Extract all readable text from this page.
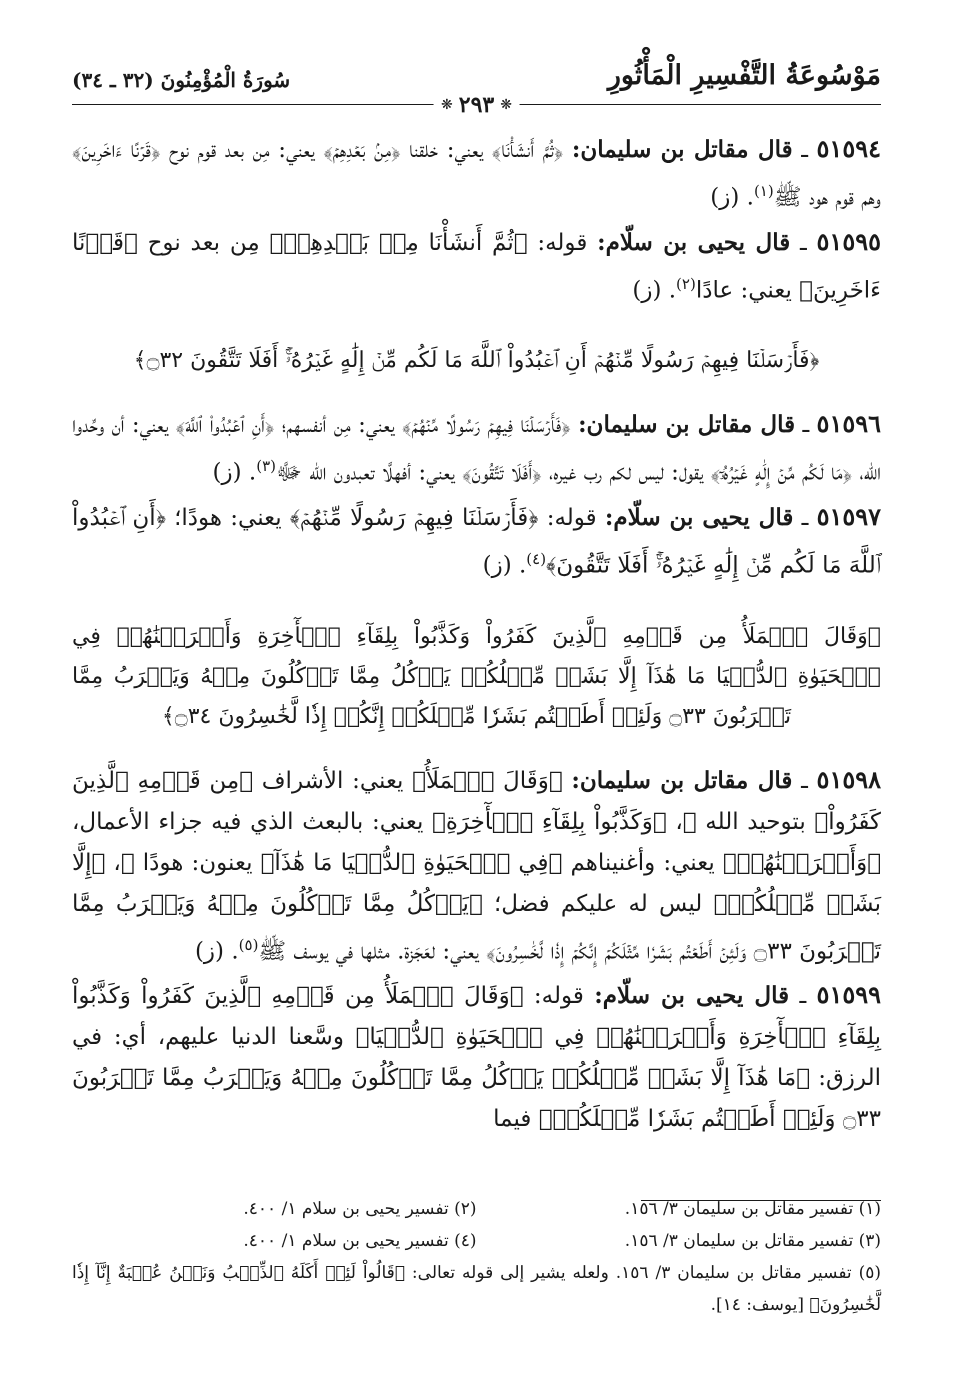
مَوْسُوعَةُ التَّفْسِيرِ الْمَأْثُورِ
سُورَةُ الْمُؤْمِنُونَ (٣٢ ـ ٣٤)
❋ ٢٩٣ ❋

٥١٥٩٤ ـ قال مقاتل بن سليمان: ﴿ثُمَّ أَنشَأْنَا﴾ يعني: خلقنا ﴿مِنۢ بَعۡدِهِمۡ﴾ يعني: مِن بعد قوم نوح ﴿قَرۡنًا ءَاخَرِينَ﴾ وهم قوم هود ﷺ$^{(١)}$. (ز)

٥١٥٩٥ ـ قال يحيى بن سلّام: قوله: ﴿ثُمَّ أَنشَأْنَا مِنۢ بَعۡدِهِمۡ﴾ مِن بعد نوح ﴿قَرۡنًا ءَاخَرِينَ﴾ يعني: عادًا$^{(٢)}$. (ز)

﴿فَأَرۡسَلۡنَا فِيهِمۡ رَسُولًا مِّنۡهُمۡ أَنِ ٱعۡبُدُواْ ٱللَّهَ مَا لَكُم مِّنۡ إِلَٰهٍ غَيۡرُهُۥٓۚ أَفَلَا تَتَّقُونَ ۝٣٢﴾

٥١٥٩٦ ـ قال مقاتل بن سليمان: ﴿فَأَرۡسَلۡنَا فِيهِمۡ رَسُولًا مِّنۡهُمۡ﴾ يعني: مِن أنفسهم؛ ﴿أَنِ ٱعۡبُدُواْ ٱللَّهَ﴾ يعني: أن وحِّدوا الله، ﴿مَا لَكُم مِّنۡ إِلَٰهٍ غَيۡرُهُۥٓ﴾ يقول: ليس لكم رب غيره، ﴿أَفَلَا تَتَّقُونَ﴾ يعني: أفهلَّا تعبدون الله ﷻ$^{(٣)}$. (ز)

٥١٥٩٧ ـ قال يحيى بن سلّام: قوله: ﴿فَأَرۡسَلۡنَا فِيهِمۡ رَسُولًا مِّنۡهُمۡ﴾ يعني: هودًا؛ ﴿أَنِ ٱعۡبُدُواْ ٱللَّهَ مَا لَكُم مِّنۡ إِلَٰهٍ غَيۡرُهُۥٓۚ أَفَلَا تَتَّقُونَ﴾$^{(٤)}$. (ز)

﴿وَقَالَ ٱلۡمَلَأُ مِن قَوۡمِهِ ٱلَّذِينَ كَفَرُواْ وَكَذَّبُواْ بِلِقَآءِ ٱلۡأٓخِرَةِ وَأَتۡرَفۡنَٰهُمۡ فِي ٱلۡحَيَوٰةِ ٱلدُّنۡيَا مَا هَٰذَآ إِلَّا بَشَرٞ مِّثۡلُكُمۡ يَأۡكُلُ مِمَّا تَأۡكُلُونَ مِنۡهُ وَيَشۡرَبُ مِمَّا تَشۡرَبُونَ ۝٣٣ وَلَئِنۡ أَطَعۡتُم بَشَرٗا مِّثۡلَكُمۡ إِنَّكُمۡ إِذٗا لَّخَٰسِرُونَ ۝٣٤﴾

٥١٥٩٨ ـ قال مقاتل بن سليمان: ﴿وَقَالَ ٱلۡمَلَأُ﴾ يعني: الأشراف ﴿مِن قَوۡمِهِ ٱلَّذِينَ كَفَرُواْ﴾ بتوحيد الله ﷻ، ﴿وَكَذَّبُواْ بِلِقَآءِ ٱلۡأٓخِرَةِ﴾ يعني: بالبعث الذي فيه جزاء الأعمال، ﴿وَأَتۡرَفۡنَٰهُمۡ﴾ يعني: وأغنيناهم ﴿فِي ٱلۡحَيَوٰةِ ٱلدُّنۡيَا مَا هَٰذَآ﴾ يعنون: هودًا ﷺ، ﴿إِلَّا بَشَرٞ مِّثۡلُكُمۡ﴾ ليس له عليكم فضل؛ ﴿يَأۡكُلُ مِمَّا تَأۡكُلُونَ مِنۡهُ وَيَشۡرَبُ مِمَّا تَشۡرَبُونَ ۝٣٣ وَلَئِنۡ أَطَعۡتُم بَشَرٗا مِّثۡلَكُمۡ إِنَّكُمۡ إِذٗا لَّخَٰسِرُونَ﴾ يعني: لعَجَزة. مثلها في يوسف ﷺ$^{(٥)}$. (ز)

٥١٥٩٩ ـ قال يحيى بن سلّام: قوله: ﴿وَقَالَ ٱلۡمَلَأُ مِن قَوۡمِهِ ٱلَّذِينَ كَفَرُواْ وَكَذَّبُواْ بِلِقَآءِ ٱلۡأٓخِرَةِ وَأَتۡرَفۡنَٰهُمۡ فِي ٱلۡحَيَوٰةِ ٱلدُّنۡيَا﴾ وسَّعنا الدنيا عليهم، أي: في الرزق: ﴿مَا هَٰذَآ إِلَّا بَشَرٞ مِّثۡلُكُمۡ يَأۡكُلُ مِمَّا تَأۡكُلُونَ مِنۡهُ وَيَشۡرَبُ مِمَّا تَشۡرَبُونَ ۝٣٣ وَلَئِنۡ أَطَعۡتُم بَشَرٗا مِّثۡلَكُمۡ﴾ فيما

(١) تفسير مقاتل بن سليمان ٣/ ١٥٦.
(٢) تفسير يحيى بن سلام ١/ ٤٠٠.
(٣) تفسير مقاتل بن سليمان ٣/ ١٥٦.
(٤) تفسير يحيى بن سلام ١/ ٤٠٠.
(٥) تفسير مقاتل بن سليمان ٣/ ١٥٦. ولعله يشير إلى قوله تعالى: ﴿قَالُواْ لَئِنۡ أَكَلَهُ ٱلذِّئۡبُ وَنَحۡنُ عُصۡبَةٌ إِنَّآ إِذٗا لَّخَٰسِرُونَ﴾ [يوسف: ١٤].
